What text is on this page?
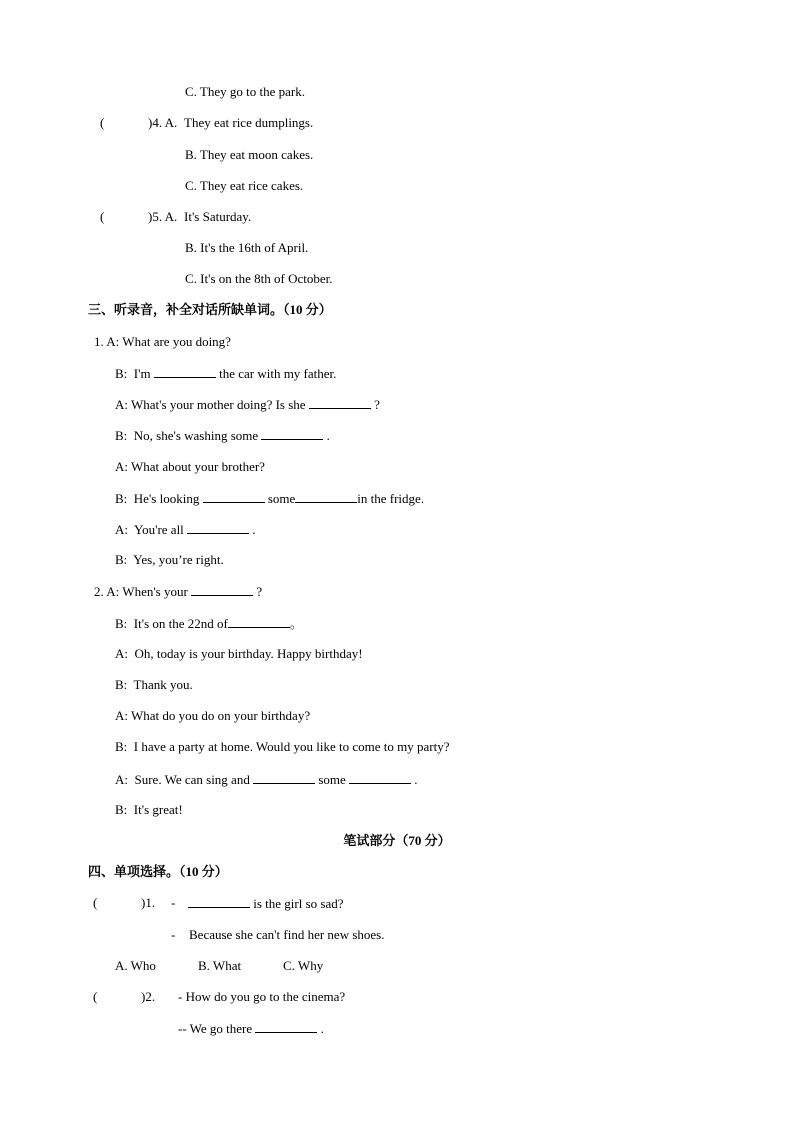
C. They go to the park.
(	)4. A. They eat rice dumplings.
B. They eat moon cakes.
C. They eat rice cakes.
(	)5. A. It's Saturday.
B. It's the 16th of April.
C. It's on the 8th of October.
三、听录音，补全对话所缺单词。（10 分）
1. A: What are you doing?
B:  I'm	the car with my father.
A: What's your mother doing? Is she	?
B:  No, she's washing some	.
A: What about your brother?
B:  He's looking	some	in the fridge.
A:  You're all	.
B:  Yes, you’re right.
2. A: When's your	?
B:  It's on the 22nd of	。
A:  Oh, today is your birthday. Happy birthday!
B:  Thank you.
A: What do you do on your birthday?
B:  I have a party at home. Would you like to come to my party?
A:  Sure. We can sing and	some	.
B:  It's great!
笔试部分（70 分）
四、单项选择。（10 分）
(	)1. -	is the girl so sad?
- Because she can't find her new shoes.
A. Who	B. What	C. Why
(	)2. - How do you go to the cinema?
-- We go there	.
